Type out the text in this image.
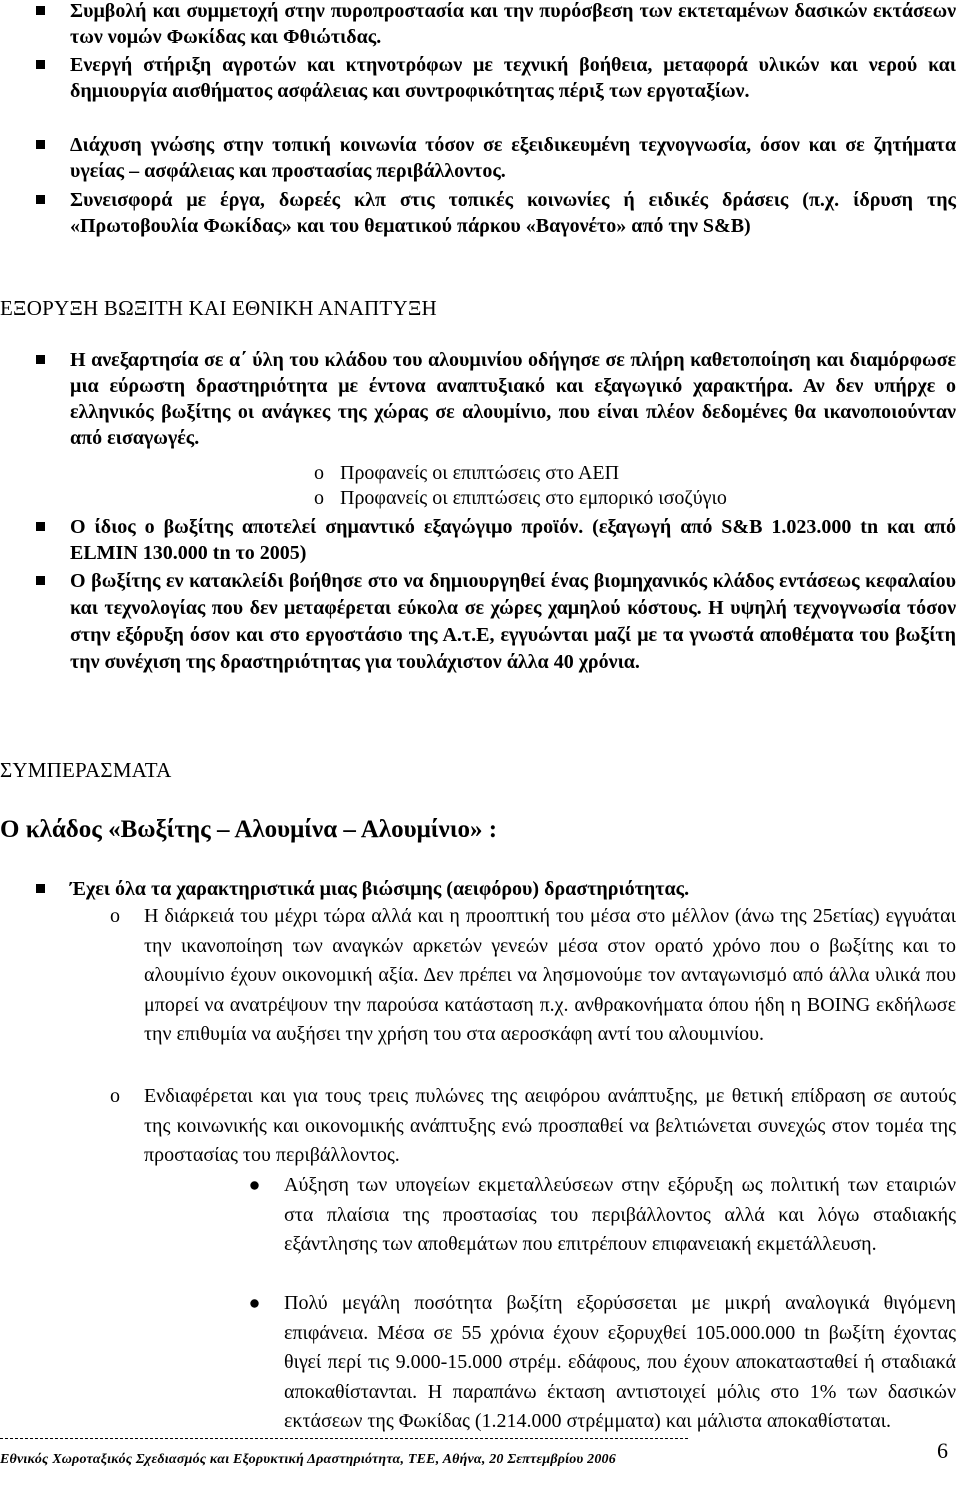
Συμβολή και συμμετοχή στην πυροπροστασία και την πυρόσβεση των εκτεταμένων δασικών εκτάσεων των νομών Φωκίδας και Φθιώτιδας.
Ενεργή στήριξη αγροτών και κτηνοτρόφων με τεχνική βοήθεια, μεταφορά υλικών και νερού και δημιουργία αισθήματος ασφάλειας και συντροφικότητας πέριξ των εργοταξίων.
Διάχυση γνώσης στην τοπική κοινωνία τόσον σε εξειδικευμένη τεχνογνωσία, όσον και σε ζητήματα υγείας – ασφάλειας και προστασίας περιβάλλοντος.
Συνεισφορά με έργα, δωρεές κλπ στις τοπικές κοινωνίες ή ειδικές δράσεις (π.χ. ίδρυση της «Πρωτοβουλία Φωκίδας» και του θεματικού πάρκου «Βαγονέτο» από την S&B)
ΕΞΟΡΥΞΗ ΒΩΞΙΤΗ ΚΑΙ ΕΘΝΙΚΗ ΑΝΑΠΤΥΞΗ
Η ανεξαρτησία σε α΄ ύλη του κλάδου του αλουμινίου οδήγησε σε πλήρη καθετοποίηση και διαμόρφωσε μια εύρωστη δραστηριότητα με έντονα αναπτυξιακό και εξαγωγικό χαρακτήρα. Αν δεν υπήρχε ο ελληνικός βωξίτης οι ανάγκες της χώρας σε αλουμίνιο, που είναι πλέον δεδομένες θα ικανοποιούνταν από εισαγωγές.
o Προφανείς οι επιπτώσεις στο ΑΕΠ
o Προφανείς οι επιπτώσεις στο εμπορικό ισοζύγιο
Ο ίδιος ο βωξίτης αποτελεί σημαντικό εξαγώγιμο προϊόν. (εξαγωγή από S&B 1.023.000 tn και από ELMIN 130.000 tn το 2005)
Ο βωξίτης εν κατακλείδι βοήθησε στο να δημιουργηθεί ένας βιομηχανικός κλάδος εντάσεως κεφαλαίου και τεχνολογίας που δεν μεταφέρεται εύκολα σε χώρες χαμηλού κόστους. Η υψηλή τεχνογνωσία τόσον στην εξόρυξη όσον και στο εργοστάσιο της Α.τ.Ε, εγγυώνται μαζί με τα γνωστά αποθέματα του βωξίτη την συνέχιση της δραστηριότητας για τουλάχιστον άλλα 40 χρόνια.
ΣΥΜΠΕΡΑΣΜΑΤΑ
Ο κλάδος «Βωξίτης – Αλουμίνα – Αλουμίνιο» :
Έχει όλα τα χαρακτηριστικά μιας βιώσιμης (αειφόρου) δραστηριότητας.
o Η διάρκειά του μέχρι τώρα αλλά και η προοπτική του μέσα στο μέλλον (άνω της 25ετίας) εγγυάται την ικανοποίηση των αναγκών αρκετών γενεών μέσα στον ορατό χρόνο που ο βωξίτης και το αλουμίνιο έχουν οικονομική αξία. Δεν πρέπει να λησμονούμε τον ανταγωνισμό από άλλα υλικά που μπορεί να ανατρέψουν την παρούσα κατάσταση π.χ. ανθρακονήματα όπου ήδη η BOING εκδήλωσε την επιθυμία να αυξήσει την χρήση του στα αεροσκάφη αντί του αλουμινίου.
o Ενδιαφέρεται και για τους τρεις πυλώνες της αειφόρου ανάπτυξης, με θετική επίδραση σε αυτούς της κοινωνικής και οικονομικής ανάπτυξης ενώ προσπαθεί να βελτιώνεται συνεχώς στον τομέα της προστασίας του περιβάλλοντος.
Αύξηση των υπογείων εκμεταλλεύσεων στην εξόρυξη ως πολιτική των εταιριών στα πλαίσια της προστασίας του περιβάλλοντος αλλά και λόγω σταδιακής εξάντλησης των αποθεμάτων που επιτρέπουν επιφανειακή εκμετάλλευση.
Πολύ μεγάλη ποσότητα βωξίτη εξορύσσεται με μικρή αναλογικά θιγόμενη επιφάνεια. Μέσα σε 55 χρόνια έχουν εξορυχθεί 105.000.000 tn βωξίτη έχοντας θιγεί περί τις 9.000-15.000 στρέμ. εδάφους, που έχουν αποκατασταθεί ή σταδιακά αποκαθίστανται. Η παραπάνω έκταση αντιστοιχεί μόλις στο 1% των δασικών εκτάσεων της Φωκίδας (1.214.000 στρέμματα) και μάλιστα αποκαθίσταται.
Εθνικός Χωροταξικός Σχεδιασμός και Εξορυκτική Δραστηριότητα, ΤΕΕ, Αθήνα, 20 Σεπτεμβρίου 2006	6
